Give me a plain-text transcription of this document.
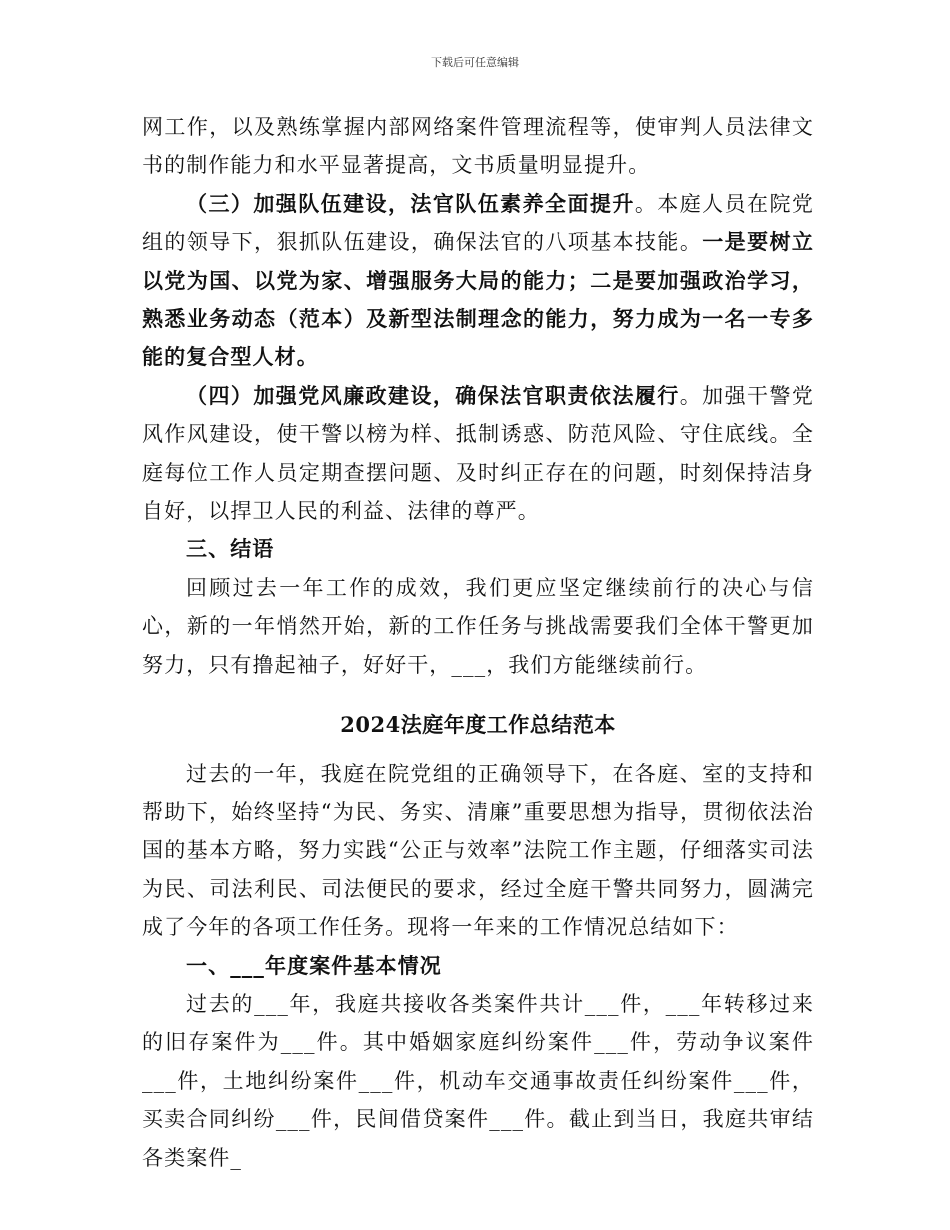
下载后可任意编辑

网工作，以及熟练掌握内部网络案件管理流程等，使审判人员法律文书的制作能力和水平显著提高，文书质量明显提升。

（三）加强队伍建设，法官队伍素养全面提升。本庭人员在院党组的领导下，狠抓队伍建设，确保法官的八项基本技能。一是要树立以党为国、以党为家、增强服务大局的能力；二是要加强政治学习，熟悉业务动态（范本）及新型法制理念的能力，努力成为一名一专多能的复合型人材。

（四）加强党风廉政建设，确保法官职责依法履行。加强干警党风作风建设，使干警以榜为样、抵制诱惑、防范风险、守住底线。全庭每位工作人员定期查摆问题、及时纠正存在的问题，时刻保持洁身自好，以捍卫人民的利益、法律的尊严。

三、结语

回顾过去一年工作的成效，我们更应坚定继续前行的决心与信心，新的一年悄然开始，新的工作任务与挑战需要我们全体干警更加努力，只有撸起袖子，好好干，___，我们方能继续前行。

2024法庭年度工作总结范本

过去的一年，我庭在院党组的正确领导下，在各庭、室的支持和帮助下，始终坚持“为民、务实、清廉”重要思想为指导，贯彻依法治国的基本方略，努力实践“公正与效率”法院工作主题，仔细落实司法为民、司法利民、司法便民的要求，经过全庭干警共同努力，圆满完成了今年的各项工作任务。现将一年来的工作情况总结如下：

一、___年度案件基本情况

过去的___年，我庭共接收各类案件共计___件，___年转移过来的旧存案件为___件。其中婚姻家庭纠纷案件___件，劳动争议案件___件，土地纠纷案件___件，机动车交通事故责任纠纷案件___件，买卖合同纠纷___件，民间借贷案件___件。截止到当日，我庭共审结各类案件_
